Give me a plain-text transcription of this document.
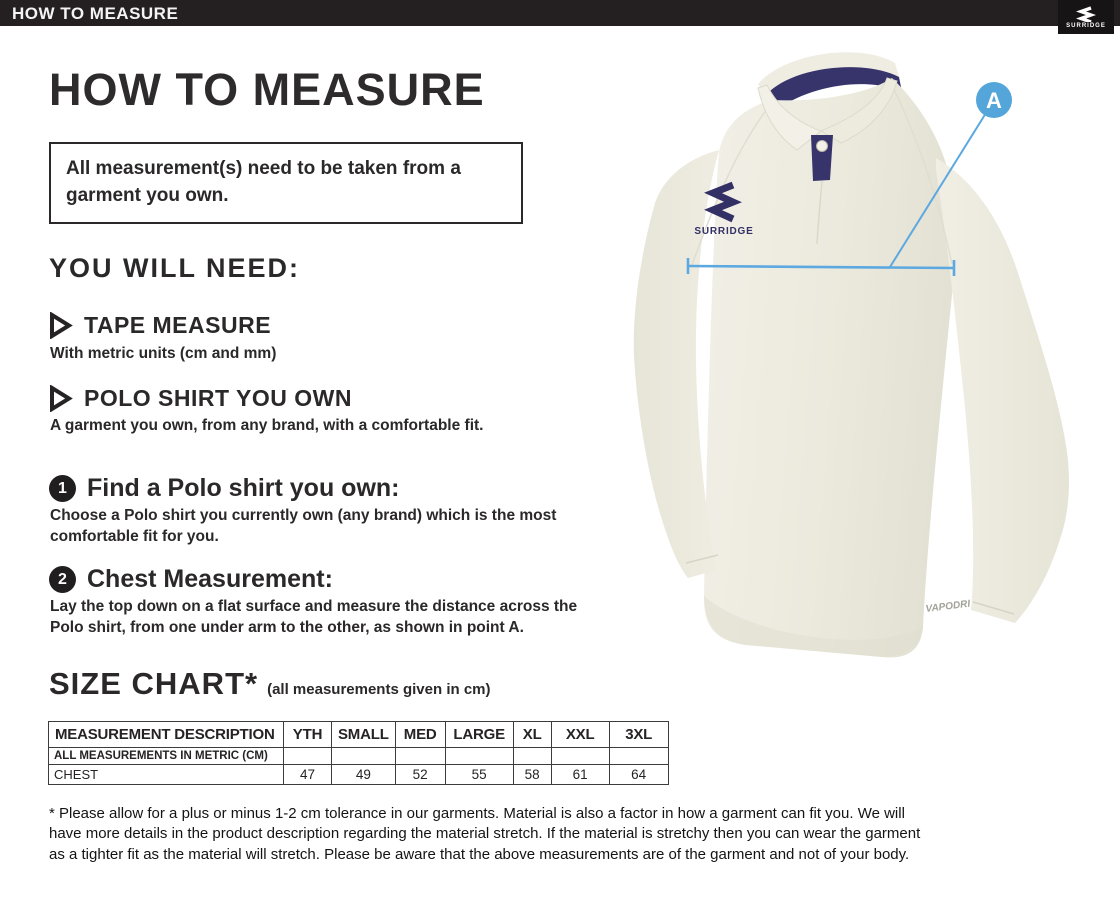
HOW TO MEASURE
SURRIDGE
HOW TO MEASURE
All measurement(s) need to be taken from a garment you own.
YOU WILL NEED:
TAPE MEASURE
With metric units (cm and mm)
POLO SHIRT YOU OWN
A garment you own, from any brand, with a comfortable fit.
1 Find a Polo shirt you own:
Choose a Polo shirt you currently own (any brand) which is the most comfortable fit for you.
2 Chest Measurement:
Lay the top down on a flat surface and measure the distance across the Polo shirt, from one under arm to the other, as shown in point A.
SIZE CHART* (all measurements given in cm)
MEASUREMENT DESCRIPTION	YTH	SMALL	MED	LARGE	XL	XXL	3XL
ALL MEASUREMENTS IN METRIC (CM)							
CHEST	47	49	52	55	58	61	64
* Please allow for a plus or minus 1-2 cm tolerance in our garments. Material is also a factor in how a garment can fit you. We will have more details in the product description regarding the material stretch. If the material is stretchy then you can wear the garment as a tighter fit as the material will stretch. Please be aware that the above measurements are of the garment and not of your body.
SURRIDGE
VAPODRI
A
